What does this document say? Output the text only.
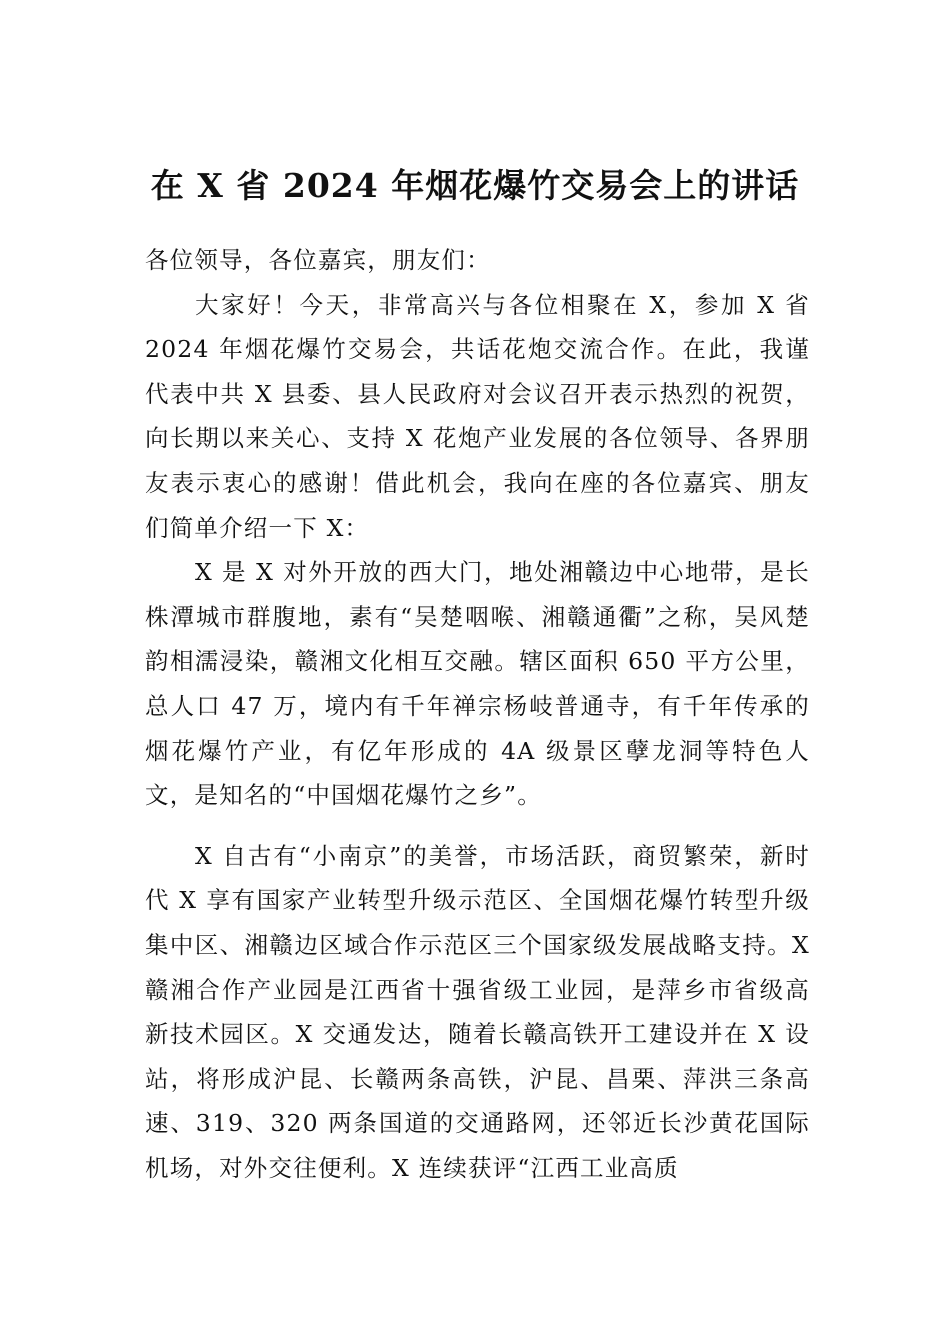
在 X 省 2024 年烟花爆竹交易会上的讲话

各位领导，各位嘉宾，朋友们：

大家好！今天，非常高兴与各位相聚在 X，参加 X 省 2024 年烟花爆竹交易会，共话花炮交流合作。在此，我谨代表中共 X 县委、县人民政府对会议召开表示热烈的祝贺，向长期以来关心、支持 X 花炮产业发展的各位领导、各界朋友表示衷心的感谢！借此机会，我向在座的各位嘉宾、朋友们简单介绍一下 X：

X 是 X 对外开放的西大门，地处湘赣边中心地带，是长株潭城市群腹地，素有“吴楚咽喉、湘赣通衢”之称，吴风楚韵相濡浸染，赣湘文化相互交融。辖区面积 650 平方公里，总人口 47 万，境内有千年禅宗杨岐普通寺，有千年传承的烟花爆竹产业，有亿年形成的 4A 级景区孽龙洞等特色人文，是知名的“中国烟花爆竹之乡”。

X 自古有“小南京”的美誉，市场活跃，商贸繁荣，新时代 X 享有国家产业转型升级示范区、全国烟花爆竹转型升级集中区、湘赣边区域合作示范区三个国家级发展战略支持。X 赣湘合作产业园是江西省十强省级工业园，是萍乡市省级高新技术园区。X 交通发达，随着长赣高铁开工建设并在 X 设站，将形成沪昆、长赣两条高铁，沪昆、昌栗、萍洪三条高速、319、320 两条国道的交通路网，还邻近长沙黄花国际机场，对外交往便利。X 连续获评“江西工业高质
